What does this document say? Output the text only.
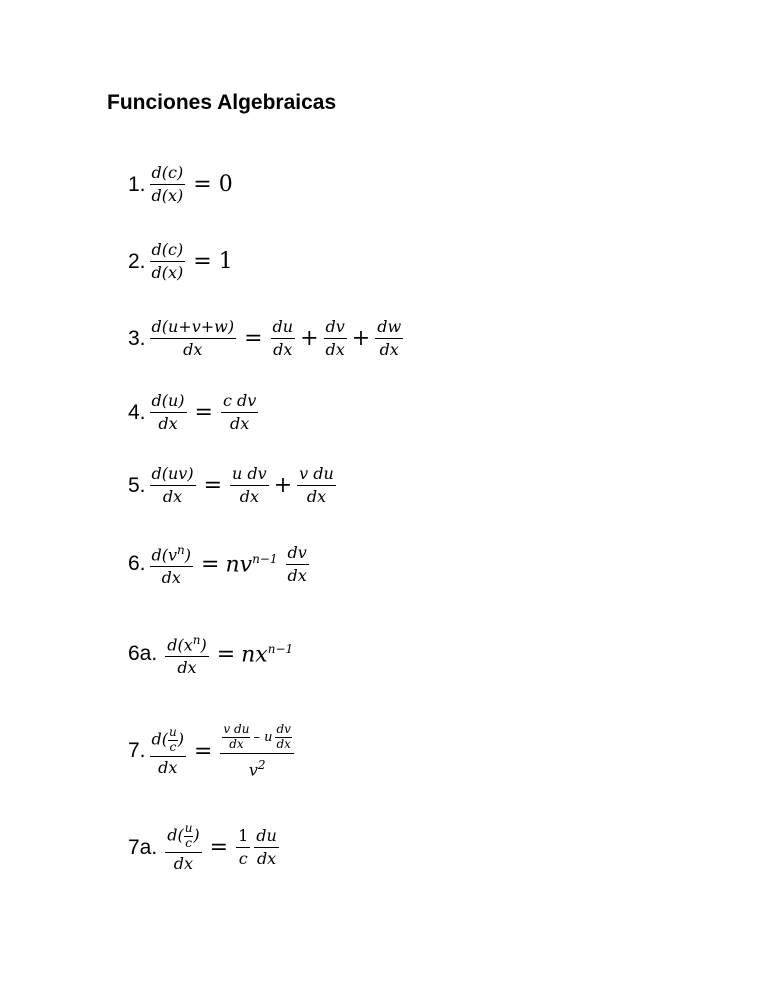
Funciones Algebraicas
1. $\frac{d(c)}{d(x)} = 0$
2. $\frac{d(c)}{d(x)} = 1$
3. $\frac{d(u+v+w)}{dx} = \frac{du}{dx} + \frac{dv}{dx} + \frac{dw}{dx}$
4. $\frac{d(u)}{dx} = \frac{\text{c dv}}{dx}$
5. $\frac{d(uv)}{dx} = \frac{\text{u dv}}{dx} + \frac{\text{v du}}{dx}$
6. $\frac{d(v^n)}{dx} = nv^{n-1} \frac{dv}{dx}$
6a. $\frac{d(x^n)}{dx} = nx^{n-1}$
7. $\frac{d( \frac{u}{c} )}{dx} = \frac{\frac{\text{v du}}{dx} - u \frac{dv}{dx}}{v^2}$
7a. $\frac{d( \frac{u}{c} )}{dx} = \frac{1}{c} \frac{du}{dx}$
